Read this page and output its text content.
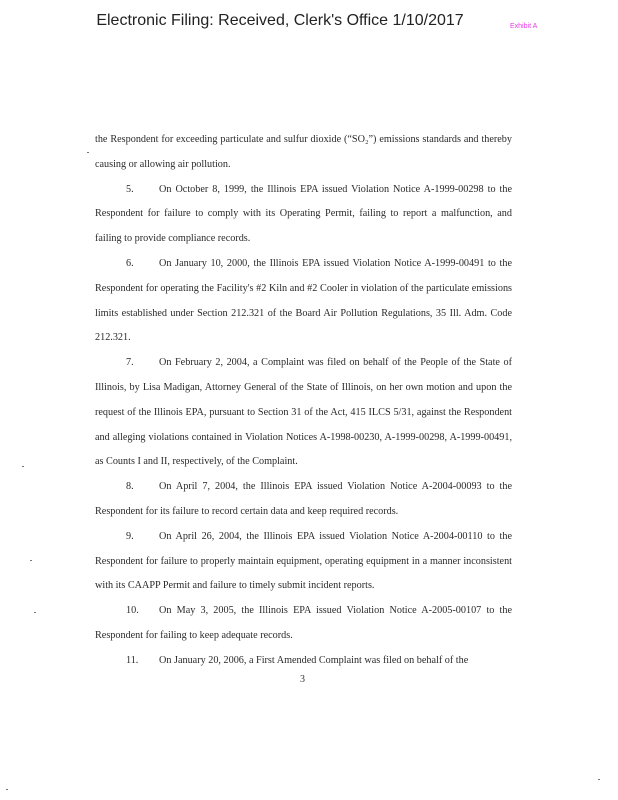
Electronic Filing: Received, Clerk's Office 1/10/2017	Exhibit A

the Respondent for exceeding particulate and sulfur dioxide (“SO₂”) emissions standards and thereby causing or allowing air pollution.

5. On October 8, 1999, the Illinois EPA issued Violation Notice A-1999-00298 to the Respondent for failure to comply with its Operating Permit, failing to report a malfunction, and failing to provide compliance records.

6. On January 10, 2000, the Illinois EPA issued Violation Notice A-1999-00491 to the Respondent for operating the Facility's #2 Kiln and #2 Cooler in violation of the particulate emissions limits established under Section 212.321 of the Board Air Pollution Regulations, 35 Ill. Adm. Code 212.321.

7. On February 2, 2004, a Complaint was filed on behalf of the People of the State of Illinois, by Lisa Madigan, Attorney General of the State of Illinois, on her own motion and upon the request of the Illinois EPA, pursuant to Section 31 of the Act, 415 ILCS 5/31, against the Respondent and alleging violations contained in Violation Notices A-1998-00230, A-1999-00298, A-1999-00491, as Counts I and II, respectively, of the Complaint.

8. On April 7, 2004, the Illinois EPA issued Violation Notice A-2004-00093 to the Respondent for its failure to record certain data and keep required records.

9. On April 26, 2004, the Illinois EPA issued Violation Notice A-2004-00110 to the Respondent for failure to properly maintain equipment, operating equipment in a manner inconsistent with its CAAPP Permit and failure to timely submit incident reports.

10. On May 3, 2005, the Illinois EPA issued Violation Notice A-2005-00107 to the Respondent for failing to keep adequate records.

11. On January 20, 2006, a First Amended Complaint was filed on behalf of the

3
